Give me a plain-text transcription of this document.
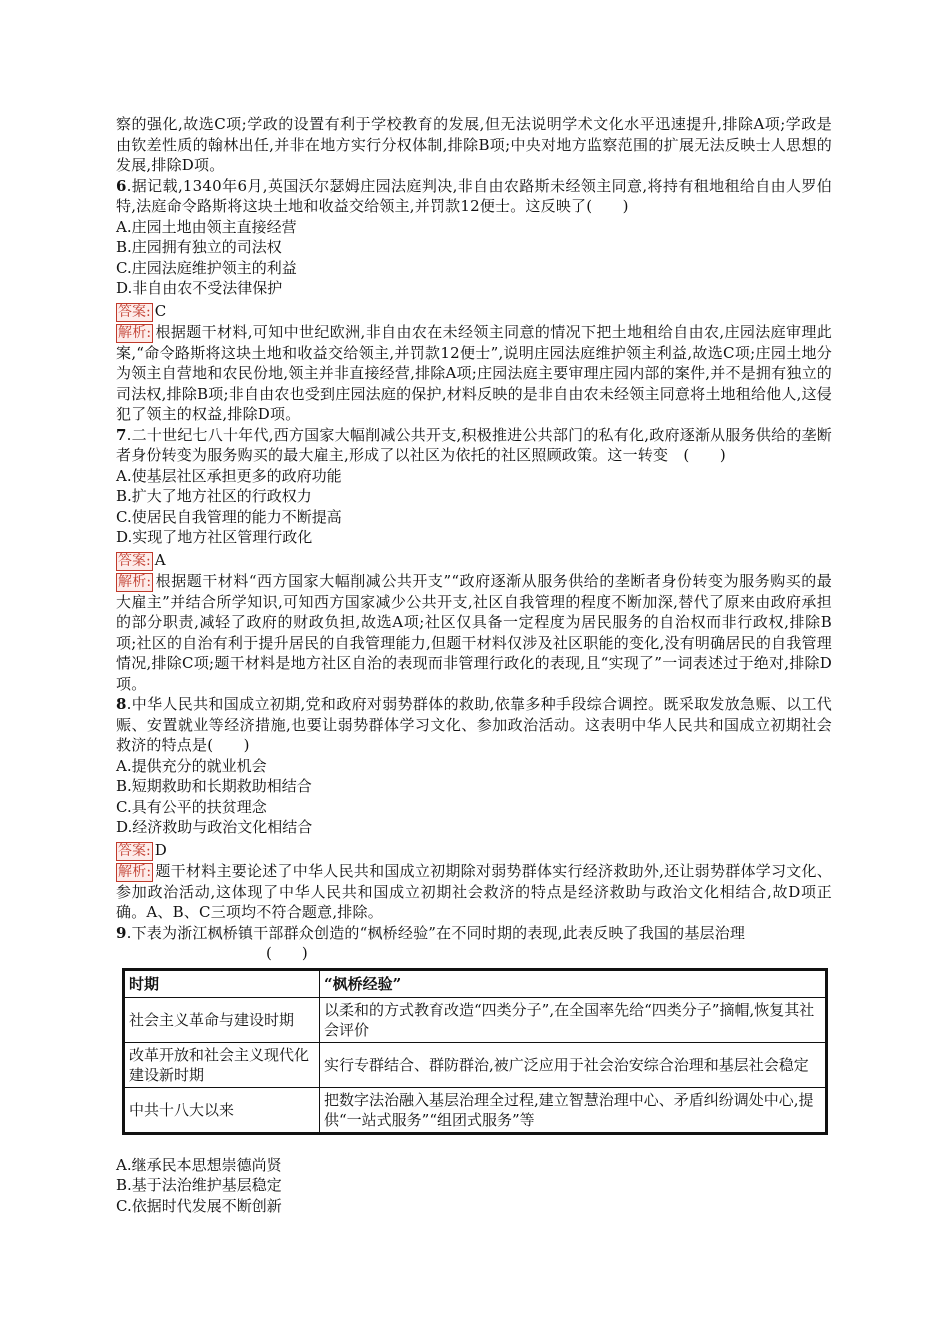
察的强化,故选C项;学政的设置有利于学校教育的发展,但无法说明学术文化水平迅速提升,排除A项;学政是由钦差性质的翰林出任,并非在地方实行分权体制,排除B项;中央对地方监察范围的扩展无法反映士人思想的发展,排除D项。

6.据记载,1340年6月,英国沃尔瑟姆庄园法庭判决,非自由农路斯未经领主同意,将持有租地租给自由人罗伯特,法庭命令路斯将这块土地和收益交给领主,并罚款12便士。这反映了(　　)

A.庄园土地由领主直接经营

B.庄园拥有独立的司法权

C.庄园法庭维护领主的利益

D.非自由农不受法律保护

答案: C

解析: 根据题干材料,可知中世纪欧洲,非自由农在未经领主同意的情况下把土地租给自由农,庄园法庭审理此案,“命令路斯将这块土地和收益交给领主,并罚款12便士”,说明庄园法庭维护领主利益,故选C项;庄园土地分为领主自营地和农民份地,领主并非直接经营,排除A项;庄园法庭主要审理庄园内部的案件,并不是拥有独立的司法权,排除B项;非自由农也受到庄园法庭的保护,材料反映的是非自由农未经领主同意将土地租给他人,这侵犯了领主的权益,排除D项。

7.二十世纪七八十年代,西方国家大幅削减公共开支,积极推进公共部门的私有化,政府逐渐从服务供给的垄断者身份转变为服务购买的最大雇主,形成了以社区为依托的社区照顾政策。这一转变　(　　)

A.使基层社区承担更多的政府功能

B.扩大了地方社区的行政权力

C.使居民自我管理的能力不断提高

D.实现了地方社区管理行政化

答案: A

解析: 根据题干材料“西方国家大幅削减公共开支”“政府逐渐从服务供给的垄断者身份转变为服务购买的最大雇主”并结合所学知识,可知西方国家减少公共开支,社区自我管理的程度不断加深,替代了原来由政府承担的部分职责,减轻了政府的财政负担,故选A项;社区仅具备一定程度为居民服务的自治权而非行政权,排除B项;社区的自治有利于提升居民的自我管理能力,但题干材料仅涉及社区职能的变化,没有明确居民的自我管理情况,排除C项;题干材料是地方社区自治的表现而非管理行政化的表现,且“实现了”一词表述过于绝对,排除D项。

8.中华人民共和国成立初期,党和政府对弱势群体的救助,依靠多种手段综合调控。既采取发放急赈、以工代赈、安置就业等经济措施,也要让弱势群体学习文化、参加政治活动。这表明中华人民共和国成立初期社会救济的特点是(　　)

A.提供充分的就业机会

B.短期救助和长期救助相结合

C.具有公平的扶贫理念

D.经济救助与政治文化相结合

答案: D

解析: 题干材料主要论述了中华人民共和国成立初期除对弱势群体实行经济救助外,还让弱势群体学习文化、参加政治活动,这体现了中华人民共和国成立初期社会救济的特点是经济救助与政治文化相结合,故D项正确。A、B、C三项均不符合题意,排除。

9.下表为浙江枫桥镇干部群众创造的“枫桥经验”在不同时期的表现,此表反映了我国的基层治理

(　　)

时期	“枫桥经验”
社会主义革命与建设时期	以柔和的方式教育改造“四类分子”,在全国率先给“四类分子”摘帽,恢复其社会评价
改革开放和社会主义现代化建设新时期	实行专群结合、群防群治,被广泛应用于社会治安综合治理和基层社会稳定
中共十八大以来	把数字法治融入基层治理全过程,建立智慧治理中心、矛盾纠纷调处中心,提供“一站式服务”“组团式服务”等

A.继承民本思想崇德尚贤

B.基于法治维护基层稳定

C.依据时代发展不断创新
